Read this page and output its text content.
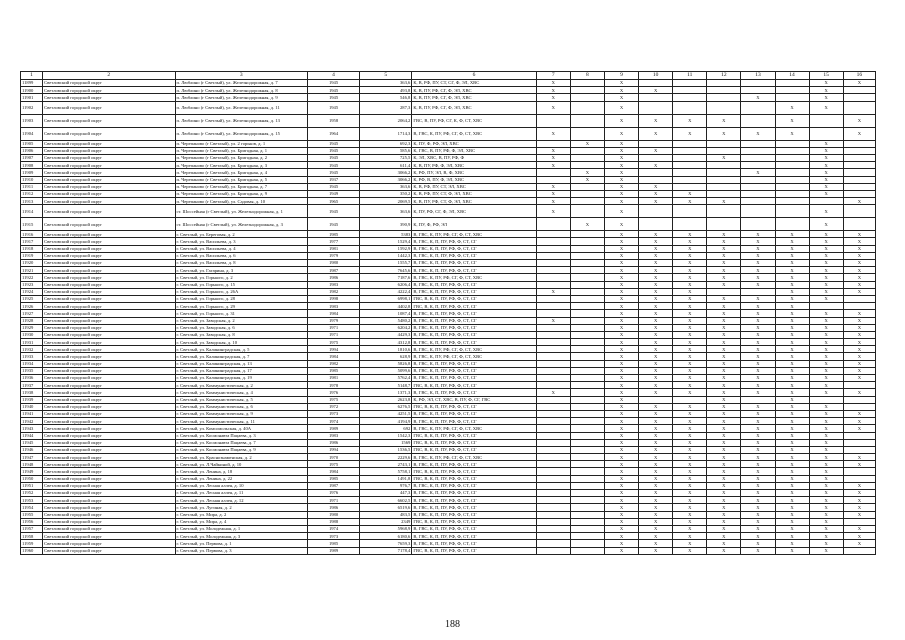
1	2	3	4	5	6	7	8	9	10	11	12	13	14	15	16
11899	Светловский городской округ	п. Люблино (г Светлый), ул. Железнодорожная, д. 7	1945	363,6	К, В, РФ, ПУ, СТ, СГ, Ф, ЭЛ, ХВС	X		X						X	X
11900	Светловский городской округ	п. Люблино (г Светлый), ул. Железнодорожная, д. 8	1945	493,8	К, В, ПУ, РФ, СГ, Ф, ЭЛ, ХВС	X		X	X					X	
11901	Светловский городской округ	п. Люблино (г Светлый), ул. Железнодорожная, д. 9	1945	546,8	К, В, ПУ, РФ, СГ, Ф, ЭЛ, ХВС	X		X				X		X	
11902	Светловский городской округ	п. Люблино (г Светлый), ул. Железнодорожная, д. 11	1945	287,3	К, В, ПУ, РФ, СГ, Ф, ЭЛ, ХВС	X		X					X	X	
11903	Светловский городской округ	п. Люблино (г Светлый), ул. Железнодорожная, д. 13	1958	2064,2	ГВС, В, ПУ, РФ, СГ, К, Ф, СТ, ХВС			X	X	X	X		X		X
11904	Светловский городской округ	п. Люблино (г Светлый), ул. Железнодорожная, д. 15	1964	1714,3	В, ГВС, К, ПУ, РФ, СГ, Ф, СТ, ХВС	X		X	X	X	X	X	X		X
11905	Светловский городской округ	п. Черепаново (г Светлый), ул. 2 горьков, д. 1	1945	692,3	К, ПУ, Ф, РФ, ЭЛ, ХВС		X	X						X	
11906	Светловский городской округ	п. Черепаново (г Светлый), ул. Бригадная, д. 1	1945	585,6	К, ГВС, В, ПУ, РФ, Ф, ЭЛ, ХВС	X		X	X					X	
11907	Светловский городской округ	п. Черепаново (г Светлый), ул. Бригадная, д. 2	1945	725,5	К, ЭЛ, ХВС, В, ПУ, РФ, Ф	X		X			X			X	
11908	Светловский городской округ	п. Черепаново (г Светлый), ул. Бригадная, д. 3	1945	611,4	К, В, ПУ, РФ, Ф, ЭЛ, ХВС	X		X	X					X	
11909	Светловский городской округ	п. Черепаново (г Светлый), ул. Бригадная, д. 4	1945	3066,2	К, РФ, ПУ, ЭЛ, В, Ф, ХВС		X	X				X		X	
11910	Светловский городской округ	п. Черепаново (г Светлый), ул. Бригадная, д. 5	1937	3066,2	К, РФ, В, ПУ, Ф, ЭЛ, ХВС		X	X						X	
11911	Светловский городской округ	п. Черепаново (г Светлый), ул. Бригадная, д. 7	1945	363,6	К, В, РФ, ПУ, СТ, ЭЛ, ХВС	X		X	X					X	
11912	Светловский городской округ	п. Черепаново (г Светлый), ул. Бригадная, д. 9	1949	350,2	К, В, РФ, ПУ, СТ, Ф, ЭЛ, ХВС	X		X	X	X				X	
11913	Светловский городской округ	п. Черепаново (г Светлый), ул. Садовая, д. 10	1965	2069,5	К, В, ПУ, РФ, СТ, Ф, ЭЛ, ХВС	X		X	X	X	X				X
11914	Светловский городской округ	ст. Шоссейная (г Светлый), ул. Железнодорожная, д. 1	1945	363,6	К, ПУ, РФ, СГ, Ф, ЭЛ, ХВС	X		X						X	
11915	Светловский городской округ	ст. Шоссейная (г Светлый), ул. Железнодорожная, д. 3	1945	390,9	К, ПУ, Ф, РФ, ЭЛ		X	X						X	
11916	Светловский городской округ	г. Светлый, ул. Береговая, д. 2	1985	5383	В, ГВС, К, ПУ, РФ, СГ, Ф, СТ, ХВС			X	X	X	X	X	X	X	X
11917	Светловский городской округ	г. Светлый, ул. Васильева, д. 3	1977	1529,4	В, ГВС, К, П, ПУ, РФ, Ф, СТ, СГ			X	X	X	X	X	X	X	X
11918	Светловский городской округ	г. Светлый, ул. Васильева, д. 4	1981	1592,9	В, ГВС, К, П, ПУ, РФ, Ф, СТ, СГ			X	X	X	X	X	X	X	X
11919	Светловский городской округ	г. Светлый, ул. Васильева, д. 6	1979	1442,3	В, ГВС, К, П, ПУ, РФ, Ф, СТ, СГ			X	X	X	X	X	X	X	X
11920	Светловский городской округ	г. Светлый, ул. Васильева, д. 8	1980	1555,7	В, ГВС, К, П, ПУ, РФ, Ф, СТ, СГ			X	X	X	X	X	X	X	X
11921	Светловский городской округ	г. Светлый, ул. Гагарина, д. 3	1987	7645,6	В, ГВС, К, П, ПУ, РФ, Ф, СТ, СГ			X	X	X	X	X	X	X	X
11922	Светловский городской округ	г. Светлый, ул. Горького, д. 2	1986	7187,6	В, ГВС, К, ПУ, РФ, СГ, Ф, СТ, ХВС			X	X	X	X	X	X	X	X
11923	Светловский городской округ	г. Светлый, ул. Горького, д. 15	1983	6206,4	В, ГВС, К, П, ПУ, РФ, Ф, СТ, СГ			X	X	X	X	X	X	X	X
11924	Светловский городской округ	г. Светлый, ул. Горького, д. 26А	1982	4222,4	В, ГВС, К, П, ПУ, РФ, Ф, СТ, СГ	X		X	X	X			X	X	X
11925	Светловский городской округ	г. Светлый, ул. Горького, д. 28	1998	6998,1	ГВС, В, К, П, ПУ, РФ, Ф, СТ, СГ			X	X	X	X	X	X	X	
11926	Светловский городской округ	г. Светлый, ул. Горького, д. 29	1983	4402,8	ГВС, В, К, П, ПУ, РФ, Ф, СТ, СГ			X	X	X	X	X	X		
11927	Светловский городской округ	г. Светлый, ул. Горького, д. 31	1984	1087,4	В, ГВС, К, П, ПУ, РФ, Ф, СТ, СГ			X	X	X	X	X	X	X	X
11928	Светловский городской округ	г. Светлый, ул. Заводская, д. 2	1979	5480,2	В, ГВС, К, П, ПУ, РФ, Ф, СТ, СГ	X		X	X	X	X	X	X	X	X
11929	Светловский городской округ	г. Светлый, ул. Заводская, д. 6	1971	6204,2	В, ГВС, К, П, ПУ, РФ, Ф, СТ, СГ			X	X	X	X	X	X	X	X
11930	Светловский городской округ	г. Светлый, ул. Заводская, д. 8	1971	4429,3	В, ГВС, К, П, ПУ, РФ, Ф, СТ, СГ			X	X	X	X	X	X	X	X
11931	Светловский городской округ	г. Светлый, ул. Заводская, д. 10	1975	4312,8	В, ГВС, К, П, ПУ, РФ, Ф, СТ, СГ			X	X	X	X	X	X	X	X
11932	Светловский городской округ	г. Светлый, ул. Калининградская, д. 5	1994	1810,6	В, ГВС, К, ПУ, РФ, СГ, Ф, СТ, ХВС			X	X	X	X	X	X	X	X
11933	Светловский городской округ	г. Светлый, ул. Калининградская, д. 7	1984	628,9	В, ГВС, К, ПУ, РФ, СГ, Ф, СТ, ХВС			X	X	X	X	X	X	X	X
11934	Светловский городской округ	г. Светлый, ул. Калининградская, д. 13	1982	5826,8	В, ГВС, К, П, ПУ, РФ, Ф, СТ, СГ			X	X	X	X	X	X	X	X
11935	Светловский городской округ	г. Светлый, ул. Калининградская, д. 17	1985	5099,6	В, ГВС, К, П, ПУ, РФ, Ф, СТ, СГ			X	X	X	X	X	X	X	X
11936	Светловский городской округ	г. Светлый, ул. Калининградская, д. 19	1981	5762,4	В, ГВС, К, П, ПУ, РФ, Ф, СТ, СГ			X	X	X	X	X	X	X	X
11937	Светловский городской округ	г. Светлый, ул. Коммунистическая, д. 2	1978	5148,7	ГВС, В, К, П, ПУ, РФ, Ф, СТ, СГ			X	X	X	X	X	X	X	
11938	Светловский городской округ	г. Светлый, ул. Коммунистическая, д. 4	1976	1371,3	В, ГВС, К, П, ПУ, РФ, Ф, СТ, СГ	X		X	X	X	X	X	X	X	X
11939	Светловский городской округ	г. Светлый, ул. Коммунистическая, д. 5	1975	2623,8	К, РФ, ЭЛ, СТ, ХВС, В, ПУ, Ф, СГ, ГВС			X			X		X		
11940	Светловский городской округ	г. Светлый, ул. Коммунистическая, д. 6	1972	6276,5	ГВС, В, К, П, ПУ, РФ, Ф, СТ, СГ			X	X	X	X	X	X	X	
11941	Светловский городской округ	г. Светлый, ул. Коммунистическая, д. 9	1973	4251,5	В, ГВС, К, П, ПУ, РФ, Ф, СТ, СГ			X	X	X	X	X	X	X	X
11942	Светловский городской округ	г. Светлый, ул. Коммунистическая, д. 11	1974	4194,9	В, ГВС, К, П, ПУ, РФ, Ф, СТ, СГ			X	X	X	X	X	X	X	X
11943	Светловский городской округ	г. Светлый, ул. Комсомольская, д. 40А	1989	692	В, ГВС, К, ПУ, РФ, СГ, Ф, СТ, ХВС			X	X	X	X	X	X	X	X
11944	Светловский городской округ	г. Светлый, ул. Космонавта Пацаева, д. 3	1983	1542,3	ГВС, В, К, П, ПУ, РФ, Ф, СТ, СГ			X	X	X	X	X	X	X	
11945	Светловский городской округ	г. Светлый, ул. Космонавта Пацаева, д. 7	1986	1569	ГВС, В, К, П, ПУ, РФ, Ф, СТ, СГ			X	X	X	X	X	X	X	
11946	Светловский городской округ	г. Светлый, ул. Космонавта Пацаева, д. 9	1994	1536,5	ГВС, В, К, П, ПУ, РФ, Ф, СТ, СГ			X	X	X	X	X	X	X	
11947	Светловский городской округ	г. Светлый, ул. Краснознаменская, д. 2	1970	2229,6	В, ГВС, К, ПУ, РФ, СГ, Ф, СТ, ХВС			X	X	X	X	X	X	X	X
11948	Светловский городской округ	г. Светлый, ул. Л.Чайкиной, д. 10	1975	2743,1	В, ГВС, К, П, ПУ, РФ, Ф, СТ, СГ			X	X	X	X	X	X	X	X
11949	Светловский городской округ	г. Светлый, ул. Ленина, д. 18	1984	5758,1	ГВС, В, К, П, ПУ, РФ, Ф, СТ, СГ			X	X	X	X	X	X	X	
11950	Светловский городской округ	г. Светлый, ул. Ленина, д. 22	1985	1491,8	ГВС, В, К, П, ПУ, РФ, Ф, СТ, СГ			X	X	X	X	X	X	X	
11951	Светловский городской округ	г. Светлый, ул. Лесная аллея, д. 10	1987	976,7	В, ГВС, К, П, ПУ, РФ, Ф, СТ, СГ			X	X	X	X	X	X	X	X
11952	Светловский городской округ	г. Светлый, ул. Лесная аллея, д. 11	1976	447,3	В, ГВС, К, П, ПУ, РФ, Ф, СТ, СГ			X	X	X	X	X	X	X	X
11953	Светловский городской округ	г. Светлый, ул. Лесная аллея, д. 12	1971	6602,5	В, ГВС, К, П, ПУ, РФ, Ф, СТ, СГ			X	X	X	X	X	X	X	X
11954	Светловский городской округ	г. Светлый, ул. Лугиная, д. 2	1986	6519,6	В, ГВС, К, П, ПУ, РФ, Ф, СТ, СГ			X	X	X	X	X	X	X	X
11955	Светловский городской округ	г. Светлый, ул. Мира, д. 2	1980	483,5	В, ГВС, К, П, ПУ, РФ, Ф, СТ, СГ			X	X	X	X	X	X	X	X
11956	Светловский городской округ	г. Светлый, ул. Мира, д. 4	1988	2349	ГВС, В, К, П, ПУ, РФ, Ф, СТ, СГ			X	X	X	X	X	X	X	
11957	Светловский городской округ	г. Светлый, ул. Молодежная, д. 1	1974	5968,9	В, ГВС, К, П, ПУ, РФ, Ф, СТ, СГ			X	X	X	X	X	X	X	X
11958	Светловский городской округ	г. Светлый, ул. Молодежная, д. 3	1973	6180,6	В, ГВС, К, П, ПУ, РФ, Ф, СТ, СГ			X	X	X	X	X	X	X	X
11959	Светловский городской округ	г. Светлый, ул. Первова, д. 1	1985	7659,3	В, ГВС, К, П, ПУ, РФ, Ф, СТ, СГ			X	X	X	X	X	X	X	X
11960	Светловский городской округ	г. Светлый, ул. Первова, д. 3	1989	7178,4	ГВС, В, К, П, ПУ, РФ, Ф, СТ, СГ			X	X	X	X	X	X	X	
188
